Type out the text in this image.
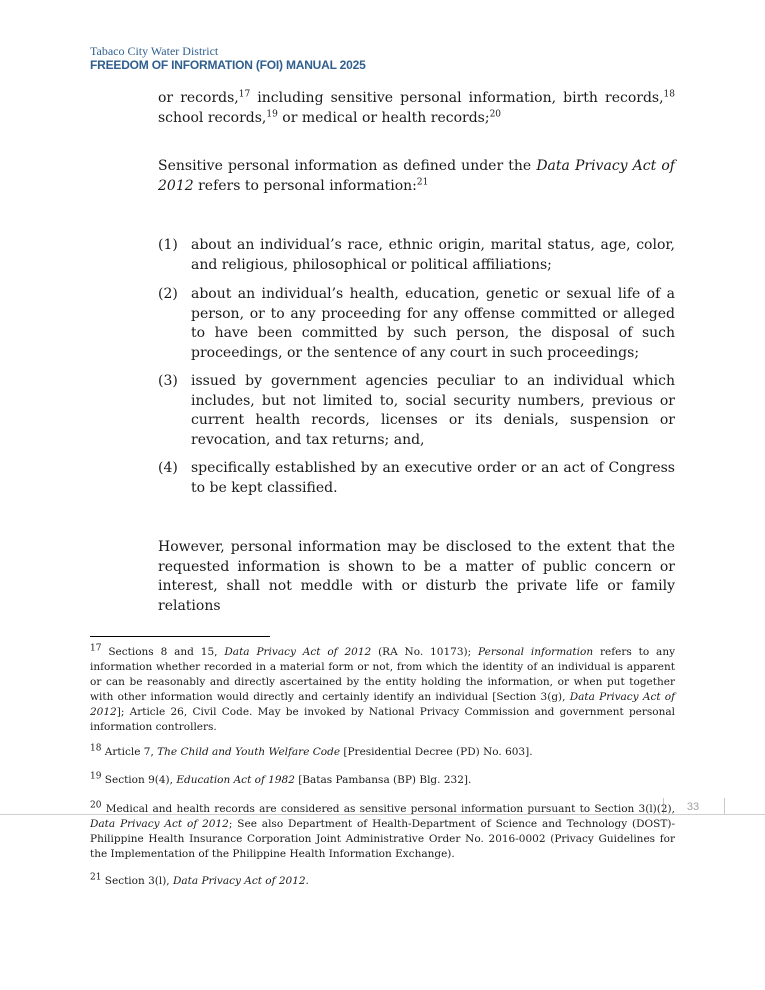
Tabaco City Water District
FREEDOM OF INFORMATION (FOI) MANUAL 2025
or records,$^{17}$ including sensitive personal information, birth records,$^{18}$ school records,$^{19}$ or medical or health records;$^{20}$
Sensitive personal information as defined under the Data Privacy Act of 2012 refers to personal information:$^{21}$
(1) about an individual’s race, ethnic origin, marital status, age, color, and religious, philosophical or political affiliations;
(2) about an individual’s health, education, genetic or sexual life of a person, or to any proceeding for any offense committed or alleged to have been committed by such person, the disposal of such proceedings, or the sentence of any court in such proceedings;
(3) issued by government agencies peculiar to an individual which includes, but not limited to, social security numbers, previous or current health records, licenses or its denials, suspension or revocation, and tax returns; and,
(4) specifically established by an executive order or an act of Congress to be kept classified.
However, personal information may be disclosed to the extent that the requested information is shown to be a matter of public concern or interest, shall not meddle with or disturb the private life or family relations
$^{17}$ Sections 8 and 15, Data Privacy Act of 2012 (RA No. 10173); Personal information refers to any information whether recorded in a material form or not, from which the identity of an individual is apparent or can be reasonably and directly ascertained by the entity holding the information, or when put together with other information would directly and certainly identify an individual [Section 3(g), Data Privacy Act of 2012]; Article 26, Civil Code. May be invoked by National Privacy Commission and government personal information controllers.
$^{18}$ Article 7, The Child and Youth Welfare Code [Presidential Decree (PD) No. 603].
$^{19}$ Section 9(4), Education Act of 1982 [Batas Pambansa (BP) Blg. 232].
$^{20}$ Medical and health records are considered as sensitive personal information pursuant to Section 3(l)(2), Data Privacy Act of 2012; See also Department of Health-Department of Science and Technology (DOST)-Philippine Health Insurance Corporation Joint Administrative Order No. 2016-0002 (Privacy Guidelines for the Implementation of the Philippine Health Information Exchange).
33
$^{21}$ Section 3(l), Data Privacy Act of 2012.
